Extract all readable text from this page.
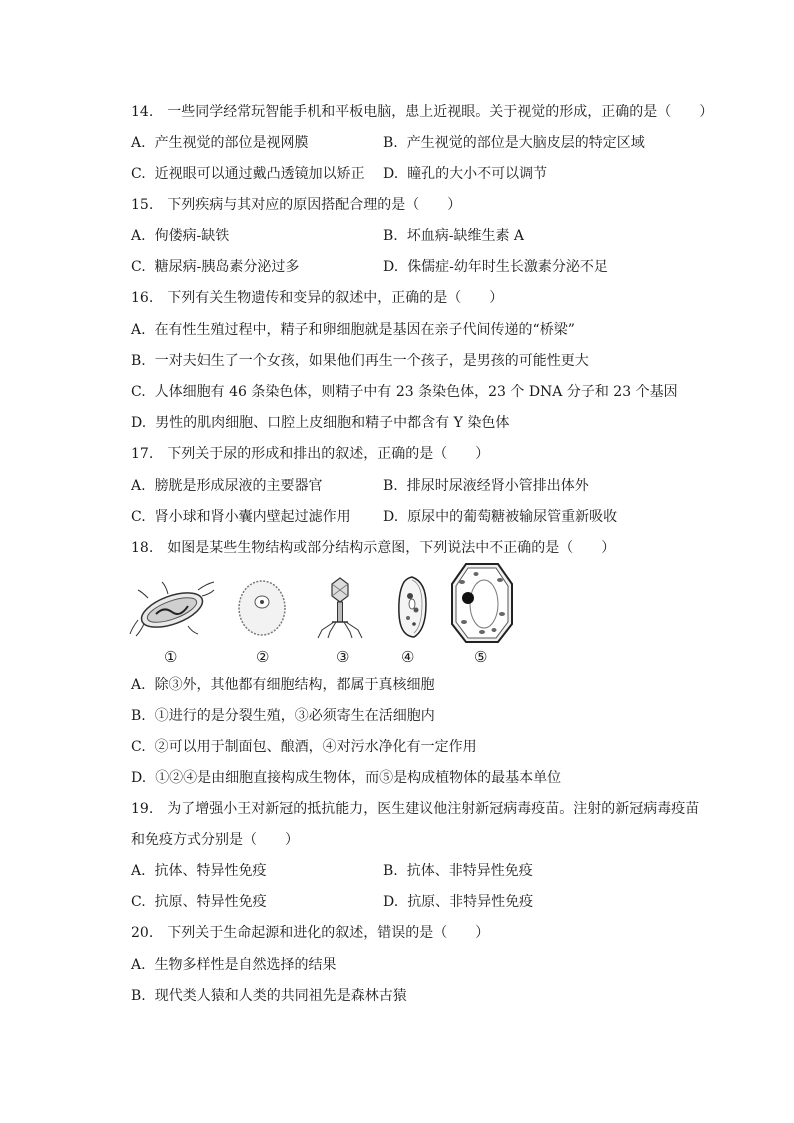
14. 一些同学经常玩智能手机和平板电脑，患上近视眼。关于视觉的形成，正确的是（　　）
A. 产生视觉的部位是视网膜	B. 产生视觉的部位是大脑皮层的特定区域
C. 近视眼可以通过戴凸透镜加以矫正 D. 瞳孔的大小不可以调节
15. 下列疾病与其对应的原因搭配合理的是（　　）
A. 佝偻病-缺铁	B. 坏血病-缺维生素 A
C. 糖尿病-胰岛素分泌过多	D. 侏儒症-幼年时生长激素分泌不足
16. 下列有关生物遗传和变异的叙述中，正确的是（　　）
A. 在有性生殖过程中，精子和卵细胞就是基因在亲子代间传递的“桥梁”
B. 一对夫妇生了一个女孩，如果他们再生一个孩子，是男孩的可能性更大
C. 人体细胞有 46 条染色体，则精子中有 23 条染色体，23 个 DNA 分子和 23 个基因
D. 男性的肌肉细胞、口腔上皮细胞和精子中都含有 Y 染色体
17. 下列关于尿的形成和排出的叙述，正确的是（　　）
A. 膀胱是形成尿液的主要器官	B. 排尿时尿液经肾小管排出体外
C. 肾小球和肾小囊内壁起过滤作用 D. 原尿中的葡萄糖被输尿管重新吸收
18. 如图是某些生物结构或部分结构示意图，下列说法中不正确的是（　　）
①	②	③	④	⑤
A. 除③外，其他都有细胞结构，都属于真核细胞
B. ①进行的是分裂生殖，③必须寄生在活细胞内
C. ②可以用于制面包、酿酒，④对污水净化有一定作用
D. ①②④是由细胞直接构成生物体，而⑤是构成植物体的最基本单位
19. 为了增强小王对新冠的抵抗能力，医生建议他注射新冠病毒疫苗。注射的新冠病毒疫苗
和免疫方式分别是（　　）
A. 抗体、特异性免疫	B. 抗体、非特异性免疫
C. 抗原、特异性免疫	D. 抗原、非特异性免疫
20. 下列关于生命起源和进化的叙述，错误的是（　　）
A. 生物多样性是自然选择的结果
B. 现代类人猿和人类的共同祖先是森林古猿
